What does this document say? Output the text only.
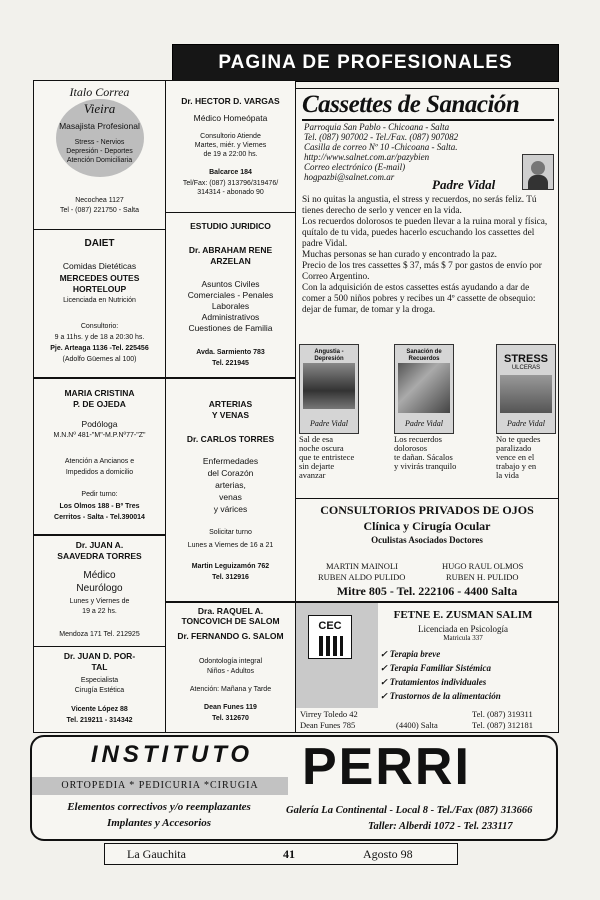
PAGINA DE PROFESIONALES
Italo Correa
Vieira
Masajista Profesional
Stress - Nervios
Depresión - Deportes
Atención Domiciliaria
Necochea 1127
Tel - (087) 221750 - Salta
DAIET
Comidas Dietéticas
MERCEDES OUTES
HORTELOUP
Licenciada en Nutrición
Consultorio:
9 a 11hs. y de 18 a 20:30 hs.
Pje. Arteaga 1136 -Tel. 225456
(Adolfo Güemes al 100)
MARIA CRISTINA
P. DE OJEDA
Podóloga
M.N.Nº 481-"M"-M.P.Nº77-"Z"
Atención a Ancianos e
Impedidos a domicilio
Pedir turno:
Los Olmos 188 - Bº Tres
Cerritos - Salta - Tel.390014
Dr. JUAN A.
SAAVEDRA TORRES
Médico
Neurólogo
Lunes y Viernes de
19 a 22 hs.
Mendoza 171 Tel. 212925
Dr. JUAN D. POR-
TAL
Especialista
Cirugía Estética
Vicente López 88
Tel. 219211 - 314342
Dr. HECTOR D. VARGAS
Médico Homeópata
Consultorio Atiende
Martes, miér. y Viernes
de 19 a 22:00 hs.
Balcarce 184
Tel/Fax: (087) 313796/319476/
314314 - abonado 90
ESTUDIO JURIDICO
Dr. ABRAHAM RENE
ARZELAN
Asuntos Civiles
Comerciales - Penales
Laborales
Administrativos
Cuestiones de Familia
Avda. Sarmiento 783
Tel. 221945
ARTERIAS
Y VENAS
Dr. CARLOS TORRES
Enfermedades
del Corazón
arterias,
venas
y várices
Solicitar turno
Lunes a Viernes de 16 a 21
Martin Leguizamón 762
Tel. 312916
Dra. RAQUEL A.
TONCOVICH DE SALOM
Dr. FERNANDO G. SALOM
Odontología integral
Niños - Adultos
Atención: Mañana y Tarde
Dean Funes 119
Tel. 312670
Cassettes de Sanación
Parroquia San Pablo - Chicoana - Salta
Tel. (087) 907002 - Tel./Fax. (087) 907082
Casilla de correo Nº 10 -Chicoana - Salta.
http://www.salnet.com.ar/pazybien
Correo electrónico (E-mail)
hogpazbi@salnet.com.ar	Padre Vidal
Si no quitas la angustia, el stress y recuerdos, no serás feliz. Tú tienes derecho de serlo y vencer en la vida.
Los recuerdos dolorosos te pueden llevar a la ruina moral y física, quítalo de tu vida, puedes hacerlo escuchando los cassettes del padre Vidal.
Muchas personas se han curado y encontrado la paz.
Precio de los tres cassettes $ 37, más $ 7 por gastos de envío por Correo Argentino.
Con la adquisición de estos cassettes estás ayudando a dar de comer a 500 niños pobres y recibes un 4º cassette de obsequio: dejar de fumar, de tomar y la droga.
Angustia - Depresión
Padre Vidal
Sal de esa
noche oscura
que te entristece
sin dejarte
avanzar
Sanación de Recuerdos
Padre Vidal
Los recuerdos
dolorosos
te dañan. Sácalos
y vivirás tranquilo
STRESS
ULCERAS
Padre Vidal
No te quedes
paralizado
vence en el
trabajo y en
la vida
CONSULTORIOS PRIVADOS DE OJOS
Clínica y Cirugía Ocular
Oculistas Asociados Doctores
MARTIN MAINOLI	HUGO RAUL OLMOS
RUBEN ALDO PULIDO	RUBEN H. PULIDO
Mitre 805 - Tel. 222106 - 4400 Salta
CEC
FETNE E. ZUSMAN SALIM
Licenciada en Psicología
Matricula 337
✓ Terapia breve
✓ Terapia Familiar Sistémica
✓ Tratamientos individuales
✓ Trastornos de la alimentación
Virrey Toledo 42	Tel. (087) 319311
Dean Funes 785	(4400) Salta	Tel. (087) 312181
INSTITUTO PERRI
ORTOPEDIA * PEDICURIA *CIRUGIA
Elementos correctivos y/o reemplazantes
Implantes y Accesorios
Galería La Continental - Local 8 - Tel./Fax (087) 313666
Taller: Alberdi 1072 - Tel. 233117
La Gauchita	41	Agosto 98
